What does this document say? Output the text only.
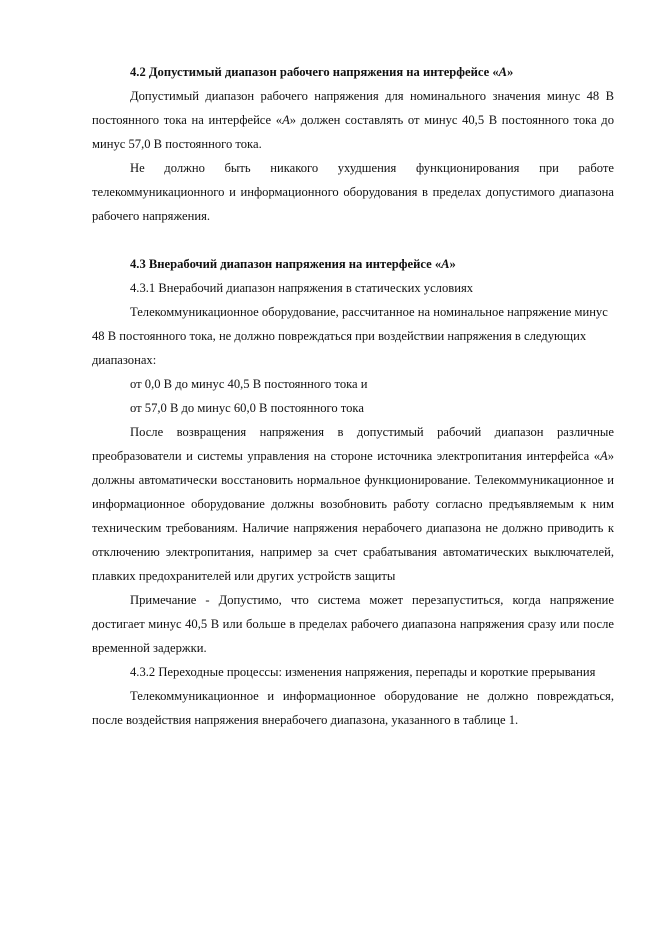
4.2 Допустимый диапазон рабочего напряжения на интерфейсе «А»

Допустимый диапазон рабочего напряжения для номинального значения минус 48 В постоянного тока на интерфейсе «А» должен составлять от минус 40,5 В постоянного тока до минус 57,0 В постоянного тока.

Не должно быть никакого ухудшения функционирования при работе телекоммуникационного и информационного оборудования в пределах допустимого диапазона рабочего напряжения.

4.3 Внерабочий диапазон напряжения на интерфейсе «А»

4.3.1 Внерабочий диапазон напряжения в статических условиях

Телекоммуникационное оборудование, рассчитанное на номинальное напряжение минус 48 В постоянного тока, не должно повреждаться при воздействии напряжения в следующих диапазонах:

от 0,0 В до минус 40,5 В постоянного тока и

от 57,0 В до минус 60,0 В постоянного тока

После возвращения напряжения в допустимый рабочий диапазон различные преобразователи и системы управления на стороне источника электропитания интерфейса «А» должны автоматически восстановить нормальное функционирование. Телекоммуникационное и информационное оборудование должны возобновить работу согласно предъявляемым к ним техническим требованиям. Наличие напряжения нерабочего диапазона не должно приводить к отключению электропитания, например за счет срабатывания автоматических выключателей, плавких предохранителей или других устройств защиты

Примечание - Допустимо, что система может перезапуститься, когда напряжение достигает минус 40,5 В или больше в пределах рабочего диапазона напряжения сразу или после временной задержки.

4.3.2 Переходные процессы: изменения напряжения, перепады и короткие прерывания

Телекоммуникационное и информационное оборудование не должно повреждаться, после воздействия напряжения внерабочего диапазона, указанного в таблице 1.
